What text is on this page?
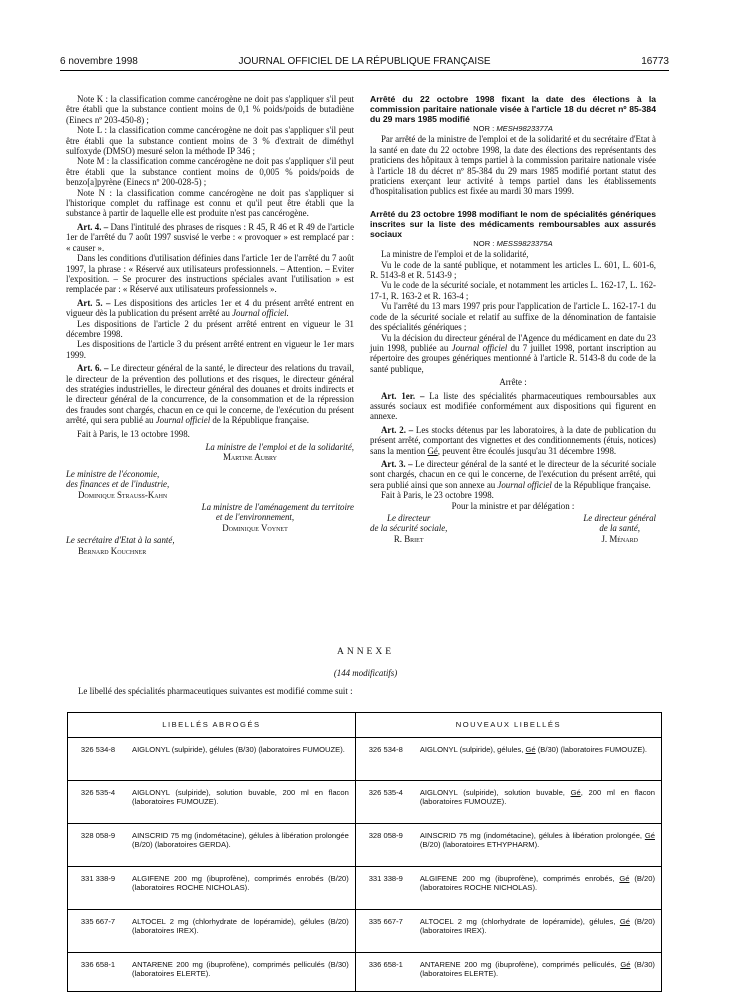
6 novembre 1998	JOURNAL OFFICIEL DE LA RÉPUBLIQUE FRANÇAISE	16773

Note K : la classification comme cancérogène ne doit pas s'appliquer s'il peut être établi que la substance contient moins de 0,1 % poids/poids de butadiène (Einecs nº 203-450-8) ;

Note L : la classification comme cancérogène ne doit pas s'appliquer s'il peut être établi que la substance contient moins de 3 % d'extrait de diméthyl sulfoxyde (DMSO) mesuré selon la méthode IP 346 ;

Note M : la classification comme cancérogène ne doit pas s'appliquer s'il peut être établi que la substance contient moins de 0,005 % poids/poids de benzo[a]pyrène (Einecs nº 200-028-5) ;

Note N : la classification comme cancérogène ne doit pas s'appliquer si l'historique complet du raffinage est connu et qu'il peut être établi que la substance à partir de laquelle elle est produite n'est pas cancérogène.

Art. 4. – Dans l'intitulé des phrases de risques : R 45, R 46 et R 49 de l'article 1er de l'arrêté du 7 août 1997 susvisé le verbe : « provoquer » est remplacé par : « causer ».

Dans les conditions d'utilisation définies dans l'article 1er de l'arrêté du 7 août 1997, la phrase : « Réservé aux utilisateurs professionnels. – Attention. – Eviter l'exposition. – Se procurer des instructions spéciales avant l'utilisation » est remplacée par : « Réservé aux utilisateurs professionnels ».

Art. 5. – Les dispositions des articles 1er et 4 du présent arrêté entrent en vigueur dès la publication du présent arrêté au Journal officiel.

Les dispositions de l'article 2 du présent arrêté entrent en vigueur le 31 décembre 1998.

Les dispositions de l'article 3 du présent arrêté entrent en vigueur le 1er mars 1999.

Art. 6. – Le directeur général de la santé, le directeur des relations du travail, le directeur de la prévention des pollutions et des risques, le directeur général des stratégies industrielles, le directeur général des douanes et droits indirects et le directeur général de la concurrence, de la consommation et de la répression des fraudes sont chargés, chacun en ce qui le concerne, de l'exécution du présent arrêté, qui sera publié au Journal officiel de la République française.

Fait à Paris, le 13 octobre 1998.

La ministre de l'emploi et de la solidarité,

Martine Aubry

Le ministre de l'économie,

des finances et de l'industrie,

Dominique Strauss-Kahn

La ministre de l'aménagement du territoire

et de l'environnement,

Dominique Voynet

Le secrétaire d'Etat à la santé,

Bernard Kouchner

Arrêté du 22 octobre 1998 fixant la date des élections à la commission paritaire nationale visée à l'article 18 du décret nº 85-384 du 29 mars 1985 modifié

NOR : MESH9823377A

Par arrêté de la ministre de l'emploi et de la solidarité et du secrétaire d'Etat à la santé en date du 22 octobre 1998, la date des élections des représentants des praticiens des hôpitaux à temps partiel à la commission paritaire nationale visée à l'article 18 du décret nº 85-384 du 29 mars 1985 modifié portant statut des praticiens exerçant leur activité à temps partiel dans les établissements d'hospitalisation publics est fixée au mardi 30 mars 1999.

Arrêté du 23 octobre 1998 modifiant le nom de spécialités génériques inscrites sur la liste des médicaments remboursables aux assurés sociaux

NOR : MESS9823375A

La ministre de l'emploi et de la solidarité,

Vu le code de la santé publique, et notamment les articles L. 601, L. 601-6, R. 5143-8 et R. 5143-9 ;

Vu le code de la sécurité sociale, et notamment les articles L. 162-17, L. 162-17-1, R. 163-2 et R. 163-4 ;

Vu l'arrêté du 13 mars 1997 pris pour l'application de l'article L. 162-17-1 du code de la sécurité sociale et relatif au suffixe de la dénomination de fantaisie des spécialités génériques ;

Vu la décision du directeur général de l'Agence du médicament en date du 23 juin 1998, publiée au Journal officiel du 7 juillet 1998, portant inscription au répertoire des groupes génériques mentionné à l'article R. 5143-8 du code de la santé publique,

Arrête :

Art. 1er. – La liste des spécialités pharmaceutiques remboursables aux assurés sociaux est modifiée conformément aux dispositions qui figurent en annexe.

Art. 2. – Les stocks détenus par les laboratoires, à la date de publication du présent arrêté, comportant des vignettes et des conditionnements (étuis, notices) sans la mention Gé, peuvent être écoulés jusqu'au 31 décembre 1998.

Art. 3. – Le directeur général de la santé et le directeur de la sécurité sociale sont chargés, chacun en ce qui le concerne, de l'exécution du présent arrêté, qui sera publié ainsi que son annexe au Journal officiel de la République française.

Fait à Paris, le 23 octobre 1998.

Pour la ministre et par délégation :

Le directeur
de la sécurité sociale,
R. Briet
Le directeur général
de la santé,
J. Ménard
ANNEXE
(144 modificatifs)
Le libellé des spécialités pharmaceutiques suivantes est modifié comme suit :
LIBELLÉS ABROGÉS		NOUVEAUX LIBELLÉS	
326 534-8	AIGLONYL (sulpiride), gélules (B/30) (laboratoires FUMOUZE).	326 534-8	AIGLONYL (sulpiride), gélules, Gé (B/30) (laboratoires FUMOUZE).
326 535-4	AIGLONYL (sulpiride), solution buvable, 200 ml en flacon (laboratoires FUMOUZE).	326 535-4	AIGLONYL (sulpiride), solution buvable, Gé, 200 ml en flacon (laboratoires FUMOUZE).
328 058-9	AINSCRID 75 mg (indométacine), gélules à libération prolongée (B/20) (laboratoires GERDA).	328 058-9	AINSCRID 75 mg (indométacine), gélules à libération prolongée, Gé (B/20) (laboratoires ETHYPHARM).
331 338-9	ALGIFENE 200 mg (ibuprofène), comprimés enrobés (B/20) (laboratoires ROCHE NICHOLAS).	331 338-9	ALGIFENE 200 mg (ibuprofène), comprimés enrobés, Gé (B/20) (laboratoires ROCHE NICHOLAS).
335 667-7	ALTOCEL 2 mg (chlorhydrate de lopéramide), gélules (B/20) (laboratoires IREX).	335 667-7	ALTOCEL 2 mg (chlorhydrate de lopéramide), gélules, Gé (B/20) (laboratoires IREX).
336 658-1	ANTARENE 200 mg (ibuprofène), comprimés pelliculés (B/30) (laboratoires ELERTE).	336 658-1	ANTARENE 200 mg (ibuprofène), comprimés pelliculés, Gé (B/30) (laboratoires ELERTE).
